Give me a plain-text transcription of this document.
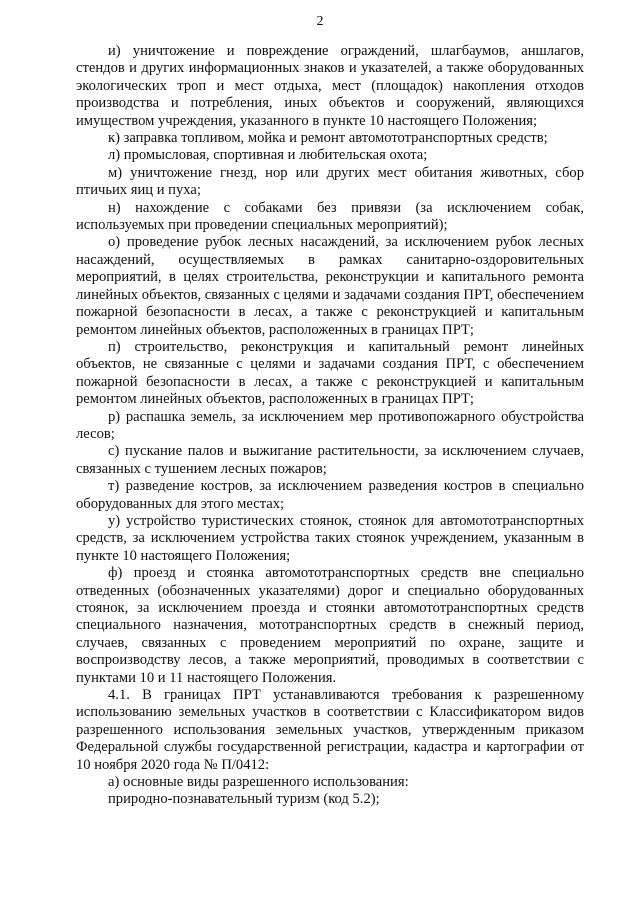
2

и) уничтожение и повреждение ограждений, шлагбаумов, аншлагов, стендов и других информационных знаков и указателей, а также оборудованных экологических троп и мест отдыха, мест (площадок) накопления отходов производства и потребления, иных объектов и сооружений, являющихся имуществом учреждения, указанного в пункте 10 настоящего Положения;

к) заправка топливом, мойка и ремонт автомототранспортных средств;

л) промысловая, спортивная и любительская охота;

м) уничтожение гнезд, нор или других мест обитания животных, сбор птичьих яиц и пуха;

н) нахождение с собаками без привязи (за исключением собак, используемых при проведении специальных мероприятий);

о) проведение рубок лесных насаждений, за исключением рубок лесных насаждений, осуществляемых в рамках санитарно-оздоровительных мероприятий, в целях строительства, реконструкции и капитального ремонта линейных объектов, связанных с целями и задачами создания ПРТ, обеспечением пожарной безопасности в лесах, а также с реконструкцией и капитальным ремонтом линейных объектов, расположенных в границах ПРТ;

п) строительство, реконструкция и капитальный ремонт линейных объектов, не связанные с целями и задачами создания ПРТ, с обеспечением пожарной безопасности в лесах, а также с реконструкцией и капитальным ремонтом линейных объектов, расположенных в границах ПРТ;

р) распашка земель, за исключением мер противопожарного обустройства лесов;

с) пускание палов и выжигание растительности, за исключением случаев, связанных с тушением лесных пожаров;

т) разведение костров, за исключением разведения костров в специально оборудованных для этого местах;

у) устройство туристических стоянок, стоянок для автомототранспортных средств, за исключением устройства таких стоянок учреждением, указанным в пункте 10 настоящего Положения;

ф) проезд и стоянка автомототранспортных средств вне специально отведенных (обозначенных указателями) дорог и специально оборудованных стоянок, за исключением проезда и стоянки автомототранспортных средств специального назначения, мототранспортных средств в снежный период, случаев, связанных с проведением мероприятий по охране, защите и воспроизводству лесов, а также мероприятий, проводимых в соответствии с пунктами 10 и 11 настоящего Положения.

4.1. В границах ПРТ устанавливаются требования к разрешенному использованию земельных участков в соответствии с Классификатором видов разрешенного использования земельных участков, утвержденным приказом Федеральной службы государственной регистрации, кадастра и картографии от 10 ноября 2020 года № П/0412:

а) основные виды разрешенного использования:

природно-познавательный туризм (код 5.2);
